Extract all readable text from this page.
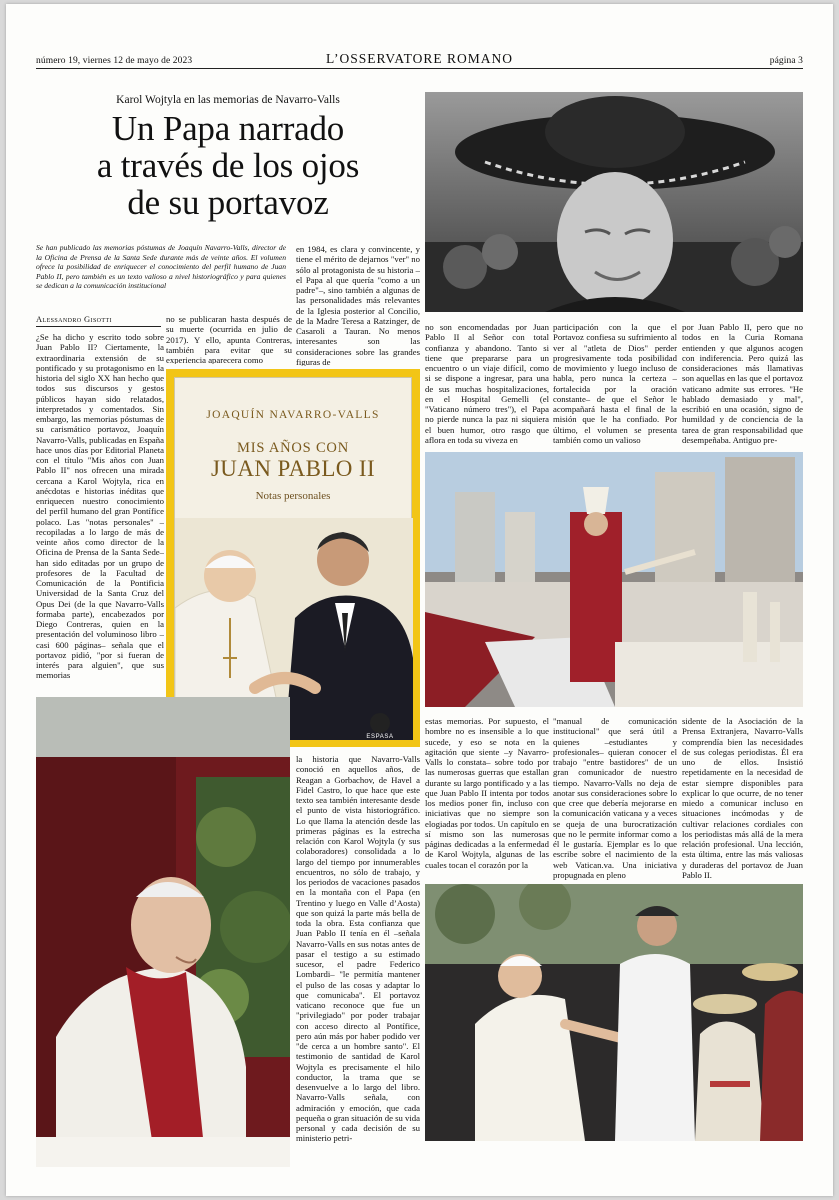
número 19, viernes 12 de mayo de 2023	L’OSSERVATORE ROMANO	página 3
Karol Wojtyla en las memorias de Navarro-Valls
Un Papa narrado
a través de los ojos
de su portavoz
Se han publicado las memorias póstumas de Joaquín Navarro-Valls, director de la Oficina de Prensa de la Santa Sede durante más de veinte años. El volumen ofrece la posibilidad de enriquecer el conocimiento del perfil humano de Juan Pablo II, pero también es un texto valioso a nivel historiográfico y para quienes se dedican a la comunicación institucional
Alessandro Gisotti
¿Se ha dicho y escrito todo sobre Juan Pablo II? Ciertamente, la extraordinaria extensión de su pontificado y su protagonismo en la historia del siglo XX han hecho que todos sus discursos y gestos públicos hayan sido relatados, interpretados y comentados. Sin embargo, las memorias póstumas de su carismático portavoz, Joaquín Navarro-Valls, publicadas en España hace unos días por Editorial Planeta con el título "Mis años con Juan Pablo II" nos ofrecen una mirada cercana a Karol Wojtyla, rica en anécdotas e historias inéditas que enriquecen nuestro conocimiento del perfil humano del gran Pontífice polaco. Las "notas personales" –recopiladas a lo largo de más de veinte años como director de la Oficina de Prensa de la Santa Sede– han sido editadas por un grupo de profesores de la Facultad de Comunicación de la Pontificia Universidad de la Santa Cruz del Opus Dei (de la que Navarro-Valls formaba parte), encabezados por Diego Contreras, quien en la presentación del voluminoso libro –casi 600 páginas– señala que el portavoz pidió, "por si fueran de interés para alguien", que sus memorias
no se publicaran hasta después de su muerte (ocurrida en julio de 2017). Y ello, apunta Contreras, también para evitar que su experiencia aparecera como
en 1984, es clara y convincente, y tiene el mérito de dejarnos "ver" no sólo al protagonista de su historia –el Papa al que quería "como a un padre"–, sino también a algunas de las personalidades más relevantes de la Iglesia posterior al Concilio, de la Madre Teresa a Ratzinger, de Casaroli a Tauran. No menos interesantes son las consideraciones sobre las grandes figuras de
la historia que Navarro-Valls conoció en aquellos años, de Reagan a Gorbachov, de Havel a Fidel Castro, lo que hace que este texto sea también interesante desde el punto de vista historiográfico. Lo que llama la atención desde las primeras páginas es la estrecha relación con Karol Wojtyla (y sus colaboradores) consolidada a lo largo del tiempo por innumerables encuentros, no sólo de trabajo, y los periodos de vacaciones pasados en la montaña con el Papa (en Trentino y luego en Valle d’Aosta) que son quizá la parte más bella de toda la obra. Esta confianza que Juan Pablo II tenía en él –señala Navarro-Valls en sus notas antes de pasar el testigo a su estimado sucesor, el padre Federico Lombardi– "le permitía mantener el pulso de las cosas y adaptar lo que comunicaba". El portavoz vaticano reconoce que fue un "privilegiado" por poder trabajar con acceso directo al Pontífice, pero aún más por haber podido ver "de cerca a un hombre santo". El testimonio de santidad de Karol Wojtyla es precisamente el hilo conductor, la trama que se desenvuelve a lo largo del libro. Navarro-Valls señala, con admiración y emoción, que cada pequeña o gran situación de su vida personal y cada decisión de su ministerio petri-
no son encomendadas por Juan Pablo II al Señor con total confianza y abandono. Tanto si tiene que prepararse para un encuentro o un viaje difícil, como si se dispone a ingresar, para una de sus muchas hospitalizaciones, en el Hospital Gemelli (el "Vaticano número tres"), el Papa no pierde nunca la paz ni siquiera el buen humor, otro rasgo que aflora en toda su viveza en
estas memorias. Por supuesto, el hombre no es insensible a lo que sucede, y eso se nota en la agitación que siente –y Navarro-Valls lo constata– sobre todo por las numerosas guerras que estallan durante su largo pontificado y a las que Juan Pablo II intenta por todos los medios poner fin, incluso con iniciativas que no siempre son elogiadas por todos. Un capítulo en sí mismo son las numerosas páginas dedicadas a la enfermedad de Karol Wojtyla, algunas de las cuales tocan el corazón por la
participación con la que el Portavoz confiesa su sufrimiento al ver al "atleta de Dios" perder progresivamente toda posibilidad de movimiento y luego incluso de habla, pero nunca la certeza –fortalecida por la oración constante– de que el Señor le acompañará hasta el final de la misión que le ha confiado. Por último, el volumen se presenta también como un valioso
"manual de comunicación institucional" que será útil a quienes –estudiantes y profesionales– quieran conocer el trabajo "entre bastidores" de un gran comunicador de nuestro tiempo. Navarro-Valls no deja de anotar sus consideraciones sobre lo que cree que debería mejorarse en la comunicación vaticana y a veces se queja de una burocratización que no le permite informar como a él le gustaría. Ejemplar es lo que escribe sobre el nacimiento de la web Vatican.va. Una iniciativa propugnada en pleno
por Juan Pablo II, pero que no todos en la Curia Romana entienden y que algunos acogen con indiferencia. Pero quizá las consideraciones más llamativas son aquellas en las que el portavoz vaticano admite sus errores. "He hablado demasiado y mal", escribió en una ocasión, signo de humildad y de conciencia de la tarea de gran responsabilidad que desempeñaba. Antiguo pre-
sidente de la Asociación de la Prensa Extranjera, Navarro-Valls comprendía bien las necesidades de sus colegas periodistas. Él era uno de ellos. Insistió repetidamente en la necesidad de estar siempre disponibles para explicar lo que ocurre, de no tener miedo a comunicar incluso en situaciones incómodas y de cultivar relaciones cordiales con los periodistas más allá de la mera relación profesional. Una lección, esta última, entre las más valiosas y duraderas del portavoz de Juan Pablo II.
JOAQUÍN NAVARRO-VALLS
MIS AÑOS CON
JUAN PABLO II
Notas personales
ESPASA
